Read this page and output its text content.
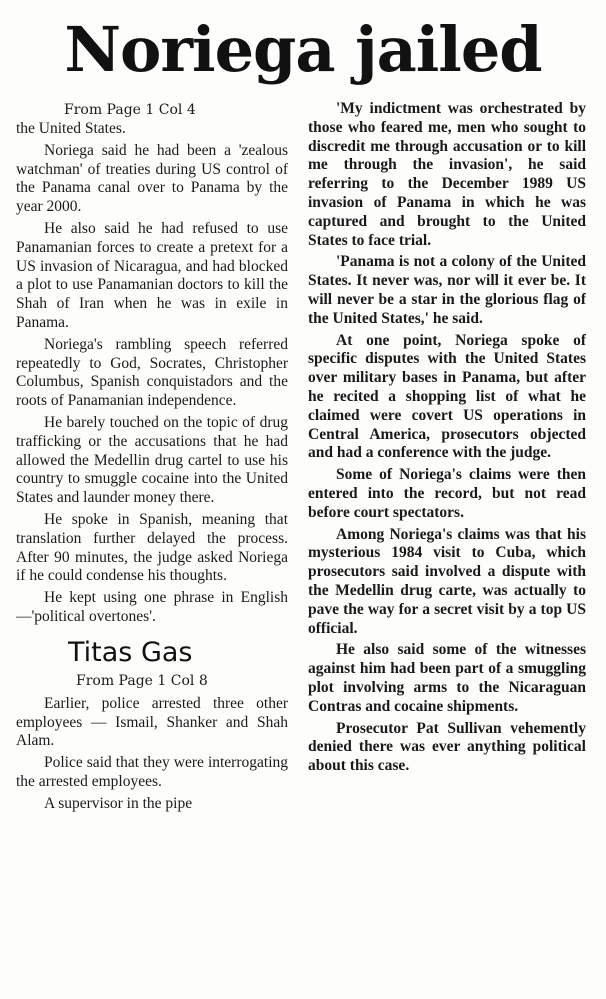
Noriega jailed
From Page 1 Col 4

the United States.

Noriega said he had been a 'zealous watchman' of treaties during US control of the Panama canal over to Panama by the year 2000.

He also said he had refused to use Panamanian forces to create a pretext for a US invasion of Nicaragua, and had blocked a plot to use Panamanian doctors to kill the Shah of Iran when he was in exile in Panama.

Noriega's rambling speech referred repeatedly to God, Socrates, Christopher Columbus, Spanish conquistadors and the roots of Panamanian independence.

He barely touched on the topic of drug trafficking or the accusations that he had allowed the Medellin drug cartel to use his country to smuggle cocaine into the United States and launder money there.

He spoke in Spanish, meaning that translation further delayed the process. After 90 minutes, the judge asked Noriega if he could condense his thoughts.

He kept using one phrase in English—'political overtones'.

Titas Gas
From Page 1 Col 8

Earlier, police arrested three other employees — Ismail, Shanker and Shah Alam.

Police said that they were interrogating the arrested employees.

A supervisor in the pipe

'My indictment was orchestrated by those who feared me, men who sought to discredit me through accusation or to kill me through the invasion', he said referring to the December 1989 US invasion of Panama in which he was captured and brought to the United States to face trial.

'Panama is not a colony of the United States. It never was, nor will it ever be. It will never be a star in the glorious flag of the United States,' he said.

At one point, Noriega spoke of specific disputes with the United States over military bases in Panama, but after he recited a shopping list of what he claimed were covert US operations in Central America, prosecutors objected and had a conference with the judge.

Some of Noriega's claims were then entered into the record, but not read before court spectators.

Among Noriega's claims was that his mysterious 1984 visit to Cuba, which prosecutors said involved a dispute with the Medellin drug carte, was actually to pave the way for a secret visit by a top US official.

He also said some of the witnesses against him had been part of a smuggling plot involving arms to the Nicaraguan Contras and cocaine shipments.

Prosecutor Pat Sullivan vehemently denied there was ever anything political about this case.
